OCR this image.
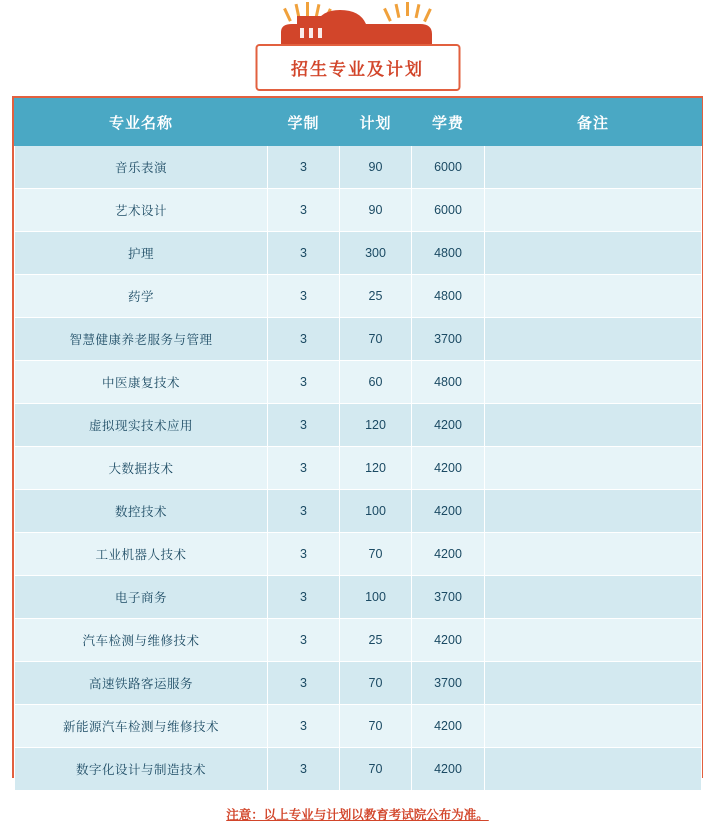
招生专业及计划
专业名称	学制	计划	学费	备注
音乐表演	3	90	6000	
艺术设计	3	90	6000	
护理	3	300	4800	
药学	3	25	4800	
智慧健康养老服务与管理	3	70	3700	
中医康复技术	3	60	4800	
虚拟现实技术应用	3	120	4200	
大数据技术	3	120	4200	
数控技术	3	100	4200	
工业机器人技术	3	70	4200	
电子商务	3	100	3700	
汽车检测与维修技术	3	25	4200	
高速铁路客运服务	3	70	3700	
新能源汽车检测与维修技术	3	70	4200	
数字化设计与制造技术	3	70	4200	
注意：以上专业与计划以教育考试院公布为准。
